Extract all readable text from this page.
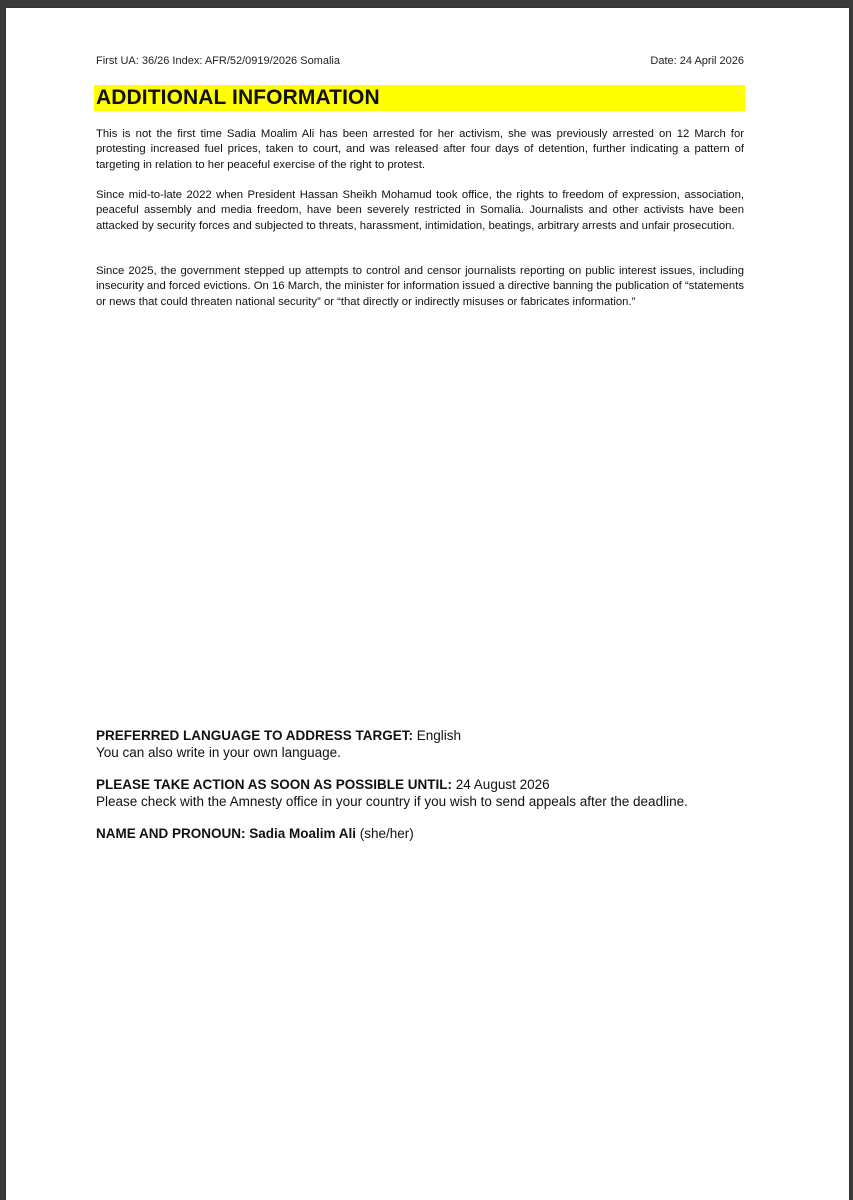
First UA: 36/26 Index: AFR/52/0919/2026 Somalia	Date: 24 April 2026
ADDITIONAL INFORMATION

This is not the first time Sadia Moalim Ali has been arrested for her activism, she was previously arrested on 12 March for protesting increased fuel prices, taken to court, and was released after four days of detention, further indicating a pattern of targeting in relation to her peaceful exercise of the right to protest.

Since mid-to-late 2022 when President Hassan Sheikh Mohamud took office, the rights to freedom of expression, association, peaceful assembly and media freedom, have been severely restricted in Somalia. Journalists and other activists have been attacked by security forces and subjected to threats, harassment, intimidation, beatings, arbitrary arrests and unfair prosecution.

Since 2025, the government stepped up attempts to control and censor journalists reporting on public interest issues, including insecurity and forced evictions. On 16 March, the minister for information issued a directive banning the publication of “statements or news that could threaten national security” or “that directly or indirectly misuses or fabricates information.”

PREFERRED LANGUAGE TO ADDRESS TARGET: English
You can also write in your own language.
PLEASE TAKE ACTION AS SOON AS POSSIBLE UNTIL: 24 August 2026
Please check with the Amnesty office in your country if you wish to send appeals after the deadline.
NAME AND PRONOUN: Sadia Moalim Ali (she/her)
